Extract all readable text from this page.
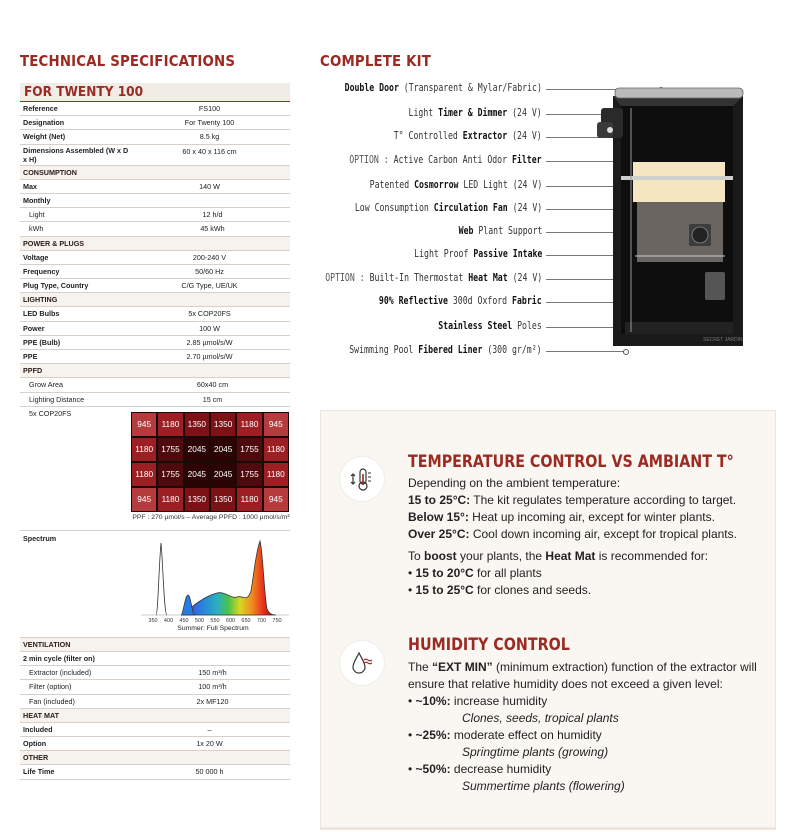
TECHNICAL SPECIFICATIONS	COMPLETE KIT
FOR TWENTY 100
Reference	FS100
Designation	For Twenty 100
Weight (Net)	8.5 kg
Dimensions Assembled (W x D x H)
60 x 40 x 116 cm
CONSUMPTION
Max	140 W
Monthly
Light	12 h/d
kWh	45 kWh
POWER & PLUGS
Voltage	200-240 V
Frequency	50/60 Hz
Plug Type, Country	C/G Type, UE/UK
LIGHTING
LED Bulbs	5x COP20FS
Power	100 W
PPE (Bulb)	2.85 µmol/s/W
PPE	2.70 µmol/s/W
PPFD
Grow Area	60x40 cm
Lighting Distance	15 cm
5x COP20FS
945	1180 1350 1350 1180	945
1180 1755 2045 2045 1755 1180
1180 1755 2045 2045 1755 1180
945	1180 1350 1350 1180	945
PPF : 270 µmol/s – Average PPFD : 1000 µmol/s/m²
Spectrum
350 400 450 500 550 600 650 700 750
Summer: Full Spectrum
VENTILATION
2 min cycle (filter on)
Extractor (included)	150 m³/h
Filter (option)	100 m³/h
Fan (included)	2x MF120
HEAT MAT
Included	–
Option	1x 20 W
OTHER
Life Time	50 000 h
Double Door (Transparent & Mylar/Fabric)
Light Timer & Dimmer (24 V)
T° Controlled Extractor (24 V)
OPTION : Active Carbon Anti Odor Filter
Patented Cosmorrow LED Light (24 V)
Low Consumption Circulation Fan (24 V)
Web Plant Support
Light Proof Passive Intake
OPTION : Built-In Thermostat Heat Mat (24 V)
90% Reflective 300d Oxford Fabric
Stainless Steel Poles
Swimming Pool Fibered Liner (300 gr/m²)
SECRET JARDIN
TEMPERATURE CONTROL VS AMBIANT T°

Depending on the ambient temperature:

15 to 25°C: The kit regulates temperature according to target.

Below 15°: Heat up incoming air, except for winter plants.

Over 25°C: Cool down incoming air, except for tropical plants.

To boost your plants, the Heat Mat is recommended for:

• 15 to 20°C for all plants

• 15 to 25°C for clones and seeds.

HUMIDITY CONTROL

The “EXT MIN” (minimum extraction) function of the extractor will ensure that relative humidity does not exceed a given level:

• ~10%: increase humidity

Clones, seeds, tropical plants

• ~25%: moderate effect on humidity

Springtime plants (growing)

• ~50%: decrease humidity

Summertime plants (flowering)
